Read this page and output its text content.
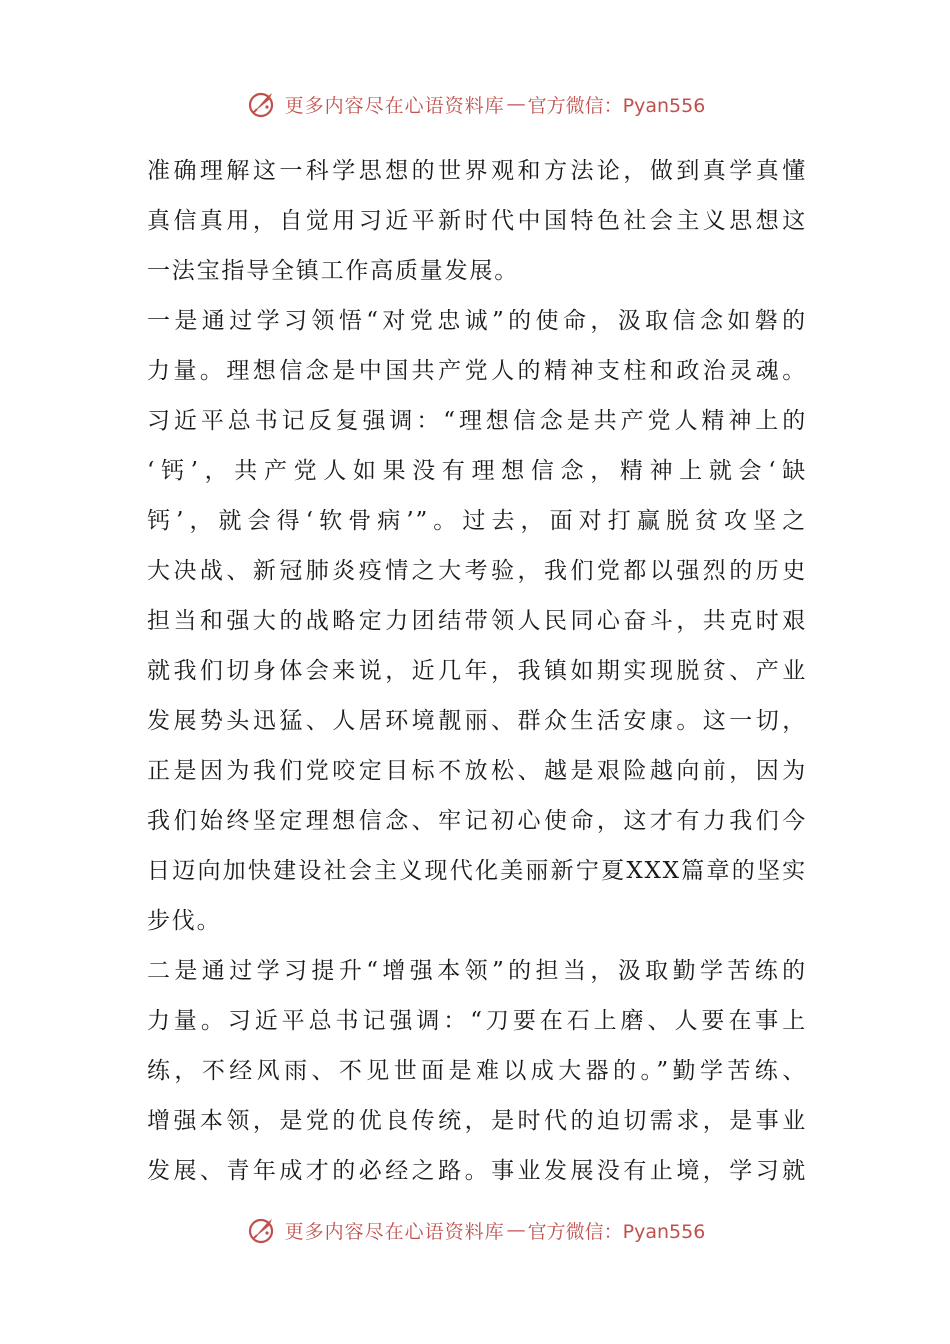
更多内容尽在心语资料库 — 官方微信：Pyan556
准确理解这一科学思想的世界观和方法论，做到真学真懂
真信真用，自觉用习近平新时代中国特色社会主义思想这
一法宝指导全镇工作高质量发展。
一是通过学习领悟“对党忠诚”的使命，汲取信念如磐的
力量。理想信念是中国共产党人的精神支柱和政治灵魂。
习近平总书记反复强调：“理想信念是共产党人精神上的
‘钙’，共产党人如果没有理想信念，精神上就会‘缺
钙’，就会得‘软骨病’”。过去，面对打赢脱贫攻坚之
大决战、新冠肺炎疫情之大考验，我们党都以强烈的历史
担当和强大的战略定力团结带领人民同心奋斗，共克时艰
就我们切身体会来说，近几年，我镇如期实现脱贫、产业
发展势头迅猛、人居环境靓丽、群众生活安康。这一切，
正是因为我们党咬定目标不放松、越是艰险越向前，因为
我们始终坚定理想信念、牢记初心使命，这才有力我们今
日迈向加快建设社会主义现代化美丽新宁夏XXX篇章的坚实
步伐。
二是通过学习提升“增强本领”的担当，汲取勤学苦练的
力量。习近平总书记强调：“刀要在石上磨、人要在事上
练，不经风雨、不见世面是难以成大器的。”勤学苦练、
增强本领，是党的优良传统，是时代的迫切需求，是事业
发展、青年成才的必经之路。事业发展没有止境，学习就
更多内容尽在心语资料库 — 官方微信：Pyan556
